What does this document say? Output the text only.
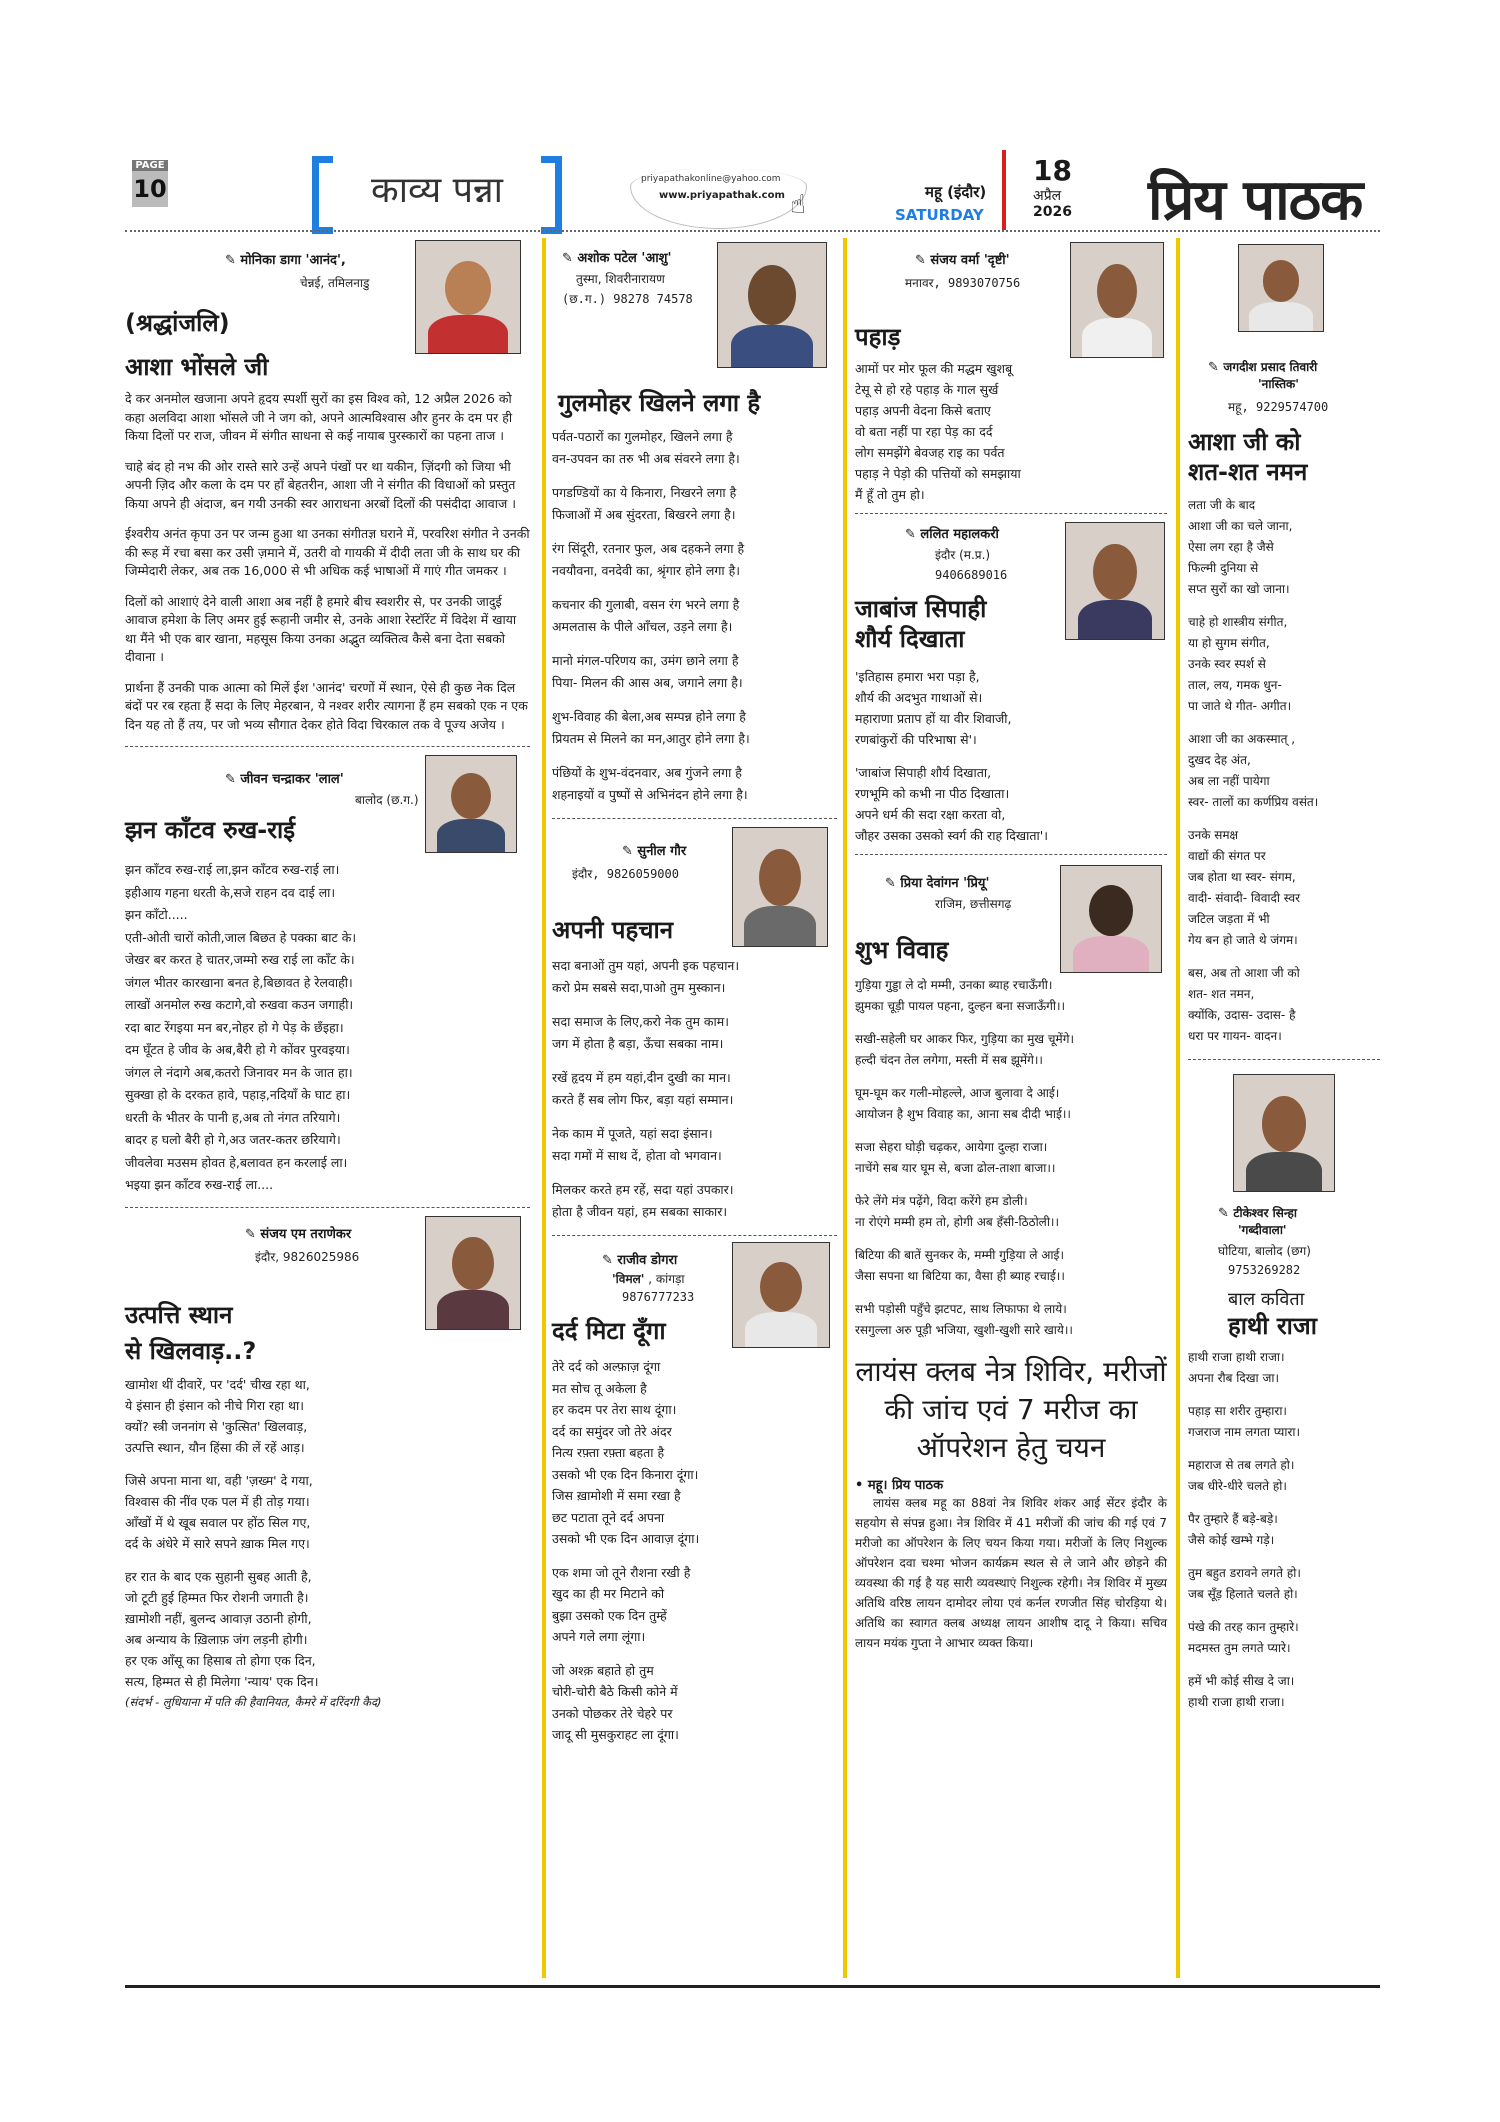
PAGE
10	काव्य पन्ना	priyapathakonline@yahoo.com
www.priyapathak.com ☝	महू (इंदौर)
SATURDAY
18
अप्रैल
2026 प्रिय पाठक
✎ मोनिका डागा 'आनंद',
चेन्नई, तमिलनाडु
(श्रद्धांजलि)
आशा भोंसले जी

दे कर अनमोल खजाना अपने हृदय स्पर्शी सुरों का इस विश्व को, 12 अप्रैल 2026 को कहा अलविदा आशा भोंसले जी ने जग को, अपने आत्मविश्वास और हुनर के दम पर ही किया दिलों पर राज, जीवन में संगीत साधना से कई नायाब पुरस्कारों का पहना ताज ।

चाहे बंद हो नभ की ओर रास्ते सारे उन्हें अपने पंखों पर था यकीन, ज़िंदगी को जिया भी अपनी ज़िद और कला के दम पर हाँ बेहतरीन, आशा जी ने संगीत की विधाओं को प्रस्तुत किया अपने ही अंदाज, बन गयी उनकी स्वर आराधना अरबों दिलों की पसंदीदा आवाज ।

ईश्वरीय अनंत कृपा उन पर जन्म हुआ था उनका संगीतज्ञ घराने में, परवरिश संगीत ने उनकी की रूह में रचा बसा कर उसी ज़माने में, उतरी वो गायकी में दीदी लता जी के साथ घर की जिम्मेदारी लेकर, अब तक 16,000 से भी अधिक कई भाषाओं में गाएं गीत जमकर ।

दिलों को आशाएं देने वाली आशा अब नहीं है हमारे बीच स्वशरीर से, पर उनकी जादुई आवाज हमेशा के लिए अमर हुई रूहानी जमीर से, उनके आशा रेस्टॉरेंट में विदेश में खाया था मैंने भी एक बार खाना, महसूस किया उनका अद्भुत व्यक्तित्व कैसे बना देता सबको दीवाना ।

प्रार्थना हैं उनकी पाक आत्मा को मिलें ईश 'आनंद' चरणों में स्थान, ऐसे ही कुछ नेक दिल बंदों पर रब रहता हैं सदा के लिए मेहरबान, ये नश्वर शरीर त्यागना हैं हम सबको एक न एक दिन यह तो हैं तय, पर जो भव्य सौगात देकर होते विदा चिरकाल तक वे पूज्य अजेय ।

✎ जीवन चन्द्राकर 'लाल'
बालोद (छ.ग.)
झन काँटव रुख-राई
झन काँटव रुख-राई ला,झन काँटव रुख-राई ला।
इहीआय गहना धरती के,सजे राहन दव दाई ला।
झन काँटो.....
एती-ओती चारों कोती,जाल बिछत हे पक्का बाट के।
जेखर बर करत हे चातर,जम्मो रुख राई ला काँट के।
जंगल भीतर कारखाना बनत हे,बिछावत हे रेलवाही।
लाखों अनमोल रुख कटागे,वो रुखवा कउन जगाही।
रदा बाट रेंगइया मन बर,नोहर हो गे पेड़ के छँइहा।
दम घूँटत हे जीव के अब,बैरी हो गे कोंवर पुरवइया।
जंगल ले नंदागे अब,कतरो जिनावर मन के जात हा।
सुक्खा हो के दरकत हावे, पहाड़,नदियाँ के घाट हा।
धरती के भीतर के पानी ह,अब तो नंगत तरियागे।
बादर ह घलो बैरी हो गे,अउ जतर-कतर छरियागे।
जीवलेवा मउसम होवत हे,बलावत हन करलाई ला।
भइया झन काँटव रुख-राई ला....
✎ संजय एम तराणेकर
इंदौर, 9826025986
उत्पत्ति स्थान
से खिलवाड़..?
खामोश थीं दीवारें, पर 'दर्द' चीख रहा था,
ये इंसान ही इंसान को नीचे गिरा रहा था।
क्यों? स्त्री जननांग से 'कुत्सित' खिलवाड़,
उत्पत्ति स्थान, यौन हिंसा की लें रहें आड़।
जिसे अपना माना था, वही 'ज़ख्म' दे गया,
विश्वास की नींव एक पल में ही तोड़ गया।
आँखों में थे खूब सवाल पर होंठ सिल गए,
दर्द के अंधेरे में सारे सपने ख़ाक मिल गए।
हर रात के बाद एक सुहानी सुबह आती है,
जो टूटी हुई हिम्मत फिर रोशनी जगाती है।
ख़ामोशी नहीं, बुलन्द आवाज़ उठानी होगी,
अब अन्याय के ख़िलाफ़ जंग लड़नी होगी।
हर एक आँसू का हिसाब तो होगा एक दिन,
सत्य, हिम्मत से ही मिलेगा 'न्याय' एक दिन।
(संदर्भ - लुधियाना में पति की हैवानियत, कैमरे में दरिंदगी कैद)
✎ अशोक पटेल 'आशु'
तुस्मा, शिवरीनारायण
(छ.ग.) 98278 74578
गुलमोहर खिलने लगा है
पर्वत-पठारों का गुलमोहर, खिलने लगा है
वन-उपवन का तरु भी अब संवरने लगा है।
पगडण्डियों का ये किनारा, निखरने लगा है
फिजाओं में अब सुंदरता, बिखरने लगा है।
रंग सिंदूरी, रतनार फुल, अब दहकने लगा है
नवयौवना, वनदेवी का, श्रृंगार होने लगा है।
कचनार की गुलाबी, वसन रंग भरने लगा है
अमलतास के पीले आँचल, उड़ने लगा है।
मानो मंगल-परिणय का, उमंग छाने लगा है
पिया- मिलन की आस अब, जगाने लगा है।
शुभ-विवाह की बेला,अब सम्पन्न होने लगा है
प्रियतम से मिलने का मन,आतुर होने लगा है।
पंछियों के शुभ-वंदनवार, अब गुंजने लगा है
शहनाइयों व पुष्पों से अभिनंदन होने लगा है।
✎ सुनील गौर
इंदौर, 9826059000
अपनी पहचान
सदा बनाओं तुम यहां, अपनी इक पहचान।
करो प्रेम सबसे सदा,पाओ तुम मुस्कान।
सदा समाज के लिए,करो नेक तुम काम।
जग में होता है बड़ा, ऊँचा सबका नाम।
रखें हृदय में हम यहां,दीन दुखी का मान।
करते हैं सब लोग फिर, बड़ा यहां सम्मान।
नेक काम में पूजते, यहां सदा इंसान।
सदा गमों में साथ दें, होता वो भगवान।
मिलकर करते हम रहें, सदा यहां उपकार।
होता है जीवन यहां, हम सबका साकार।
✎ राजीव डोगरा
'विमल' , कांगड़ा
9876777233
दर्द मिटा दूँगा
तेरे दर्द को अल्फ़ाज़ दूंगा
मत सोच तू अकेला है
हर कदम पर तेरा साथ दूंगा।
दर्द का समुंदर जो तेरे अंदर
नित्य रफ़्ता रफ़्ता बहता है
उसको भी एक दिन किनारा दूंगा।
जिस ख़ामोशी में समा रखा है
छट पटाता तूने दर्द अपना
उसको भी एक दिन आवाज़ दूंगा।
एक शमा जो तूने रौशना रखी है
खुद का ही मर मिटाने को
बुझा उसको एक दिन तुम्हें
अपने गले लगा लूंगा।
जो अश्क़ बहाते हो तुम
चोरी-चोरी बैठे किसी कोने में
उनको पोछकर तेरे चेहरे पर
जादू सी मुसकुराहट ला दूंगा।
✎ संजय वर्मा 'दृष्टी'
मनावर, 9893070756
पहाड़
आमों पर मोर फूल की मद्धम खुशबू
टेसू से हो रहे पहाड़ के गाल सुर्ख
पहाड़ अपनी वेदना किसे बताए
वो बता नहीं पा रहा पेड़ का दर्द
लोग समझेंगे बेवजह राइ का पर्वत
पहाड़ ने पेड़ो की पत्तियों को समझाया
मैं हूँ तो तुम हो।
✎ ललित महालकरी
इंदौर (म.प्र.)
9406689016
जाबांज सिपाही
शौर्य दिखाता
'इतिहास हमारा भरा पड़ा है,
शौर्य की अदभुत गाथाओं से।
महाराणा प्रताप हों या वीर शिवाजी,
रणबांकुरों की परिभाषा से'।
'जाबांज सिपाही शौर्य दिखाता,
रणभूमि को कभी ना पीठ दिखाता।
अपने धर्म की सदा रक्षा करता वो,
जौहर उसका उसको स्वर्ग की राह दिखाता'।
✎ प्रिया देवांगन 'प्रियू'
राजिम, छत्तीसगढ़
शुभ विवाह
गुड़िया गुड्डा ले दो मम्मी, उनका ब्याह रचाऊँगी।
झुमका चूड़ी पायल पहना, दुल्हन बना सजाऊँगी।।
सखी-सहेली घर आकर फिर, गुड़िया का मुख चूमेंगे।
हल्दी चंदन तेल लगेगा, मस्ती में सब झूमेंगे।।
घूम-घूम कर गली-मोहल्ले, आज बुलावा दे आई।
आयोजन है शुभ विवाह का, आना सब दीदी भाई।।
सजा सेहरा घोड़ी चढ़कर, आयेगा दुल्हा राजा।
नाचेंगे सब यार घूम से, बजा ढोल-ताशा बाजा।।
फेरे लेंगे मंत्र पढ़ेंगे, विदा करेंगे हम डोली।
ना रोएंगे मम्मी हम तो, होगी अब हँसी-ठिठोली।।
बिटिया की बातें सुनकर के, मम्मी गुड़िया ले आई।
जैसा सपना था बिटिया का, वैसा ही ब्याह रचाई।।
सभी पड़ोसी पहुँचे झटपट, साथ लिफाफा थे लाये।
रसगुल्ला अरु पूड़ी भजिया, खुशी-खुशी सारे खाये।।
लायंस क्लब नेत्र शिविर, मरीजों की जांच एवं 7 मरीज का ऑपरेशन हेतु चयन
• महू। प्रिय पाठक
लायंस क्लब महू का 88वां नेत्र शिविर शंकर आई सेंटर इंदौर के सहयोग से संपन्न हुआ। नेत्र शिविर में 41 मरीजों की जांच की गई एवं 7 मरीजो का ऑपरेशन के लिए चयन किया गया। मरीजों के लिए निशुल्क ऑपरेशन दवा चश्मा भोजन कार्यक्रम स्थल से ले जाने और छोड़ने की व्यवस्था की गई है यह सारी व्यवस्थाएं निशुल्क रहेगी। नेत्र शिविर में मुख्य अतिथि वरिष्ठ लायन दामोदर लोया एवं कर्नल रणजीत सिंह चोरड़िया थे। अतिथि का स्वागत क्लब अध्यक्ष लायन आशीष दादू ने किया। सचिव लायन मयंक गुप्ता ने आभार व्यक्त किया।
✎ जगदीश प्रसाद तिवारी
'नास्तिक'
महू, 9229574700
आशा जी को
शत-शत नमन
लता जी के बाद
आशा जी का चले जाना,
ऐसा लग रहा है जैसे
फिल्मी दुनिया से
सप्त सुरों का खो जाना।
चाहे हो शास्त्रीय संगीत,
या हो सुगम संगीत,
उनके स्वर स्पर्श से
ताल, लय, गमक धुन-
पा जाते थे गीत- अगीत।
आशा जी का अकस्मात् ,
दुखद देह अंत,
अब ला नहीं पायेगा
स्वर- तालों का कर्णप्रिय वसंत।
उनके समक्ष
वाद्यों की संगत पर
जब होता था स्वर- संगम,
वादी- संवादी- विवादी स्वर
जटिल जड़ता में भी
गेय बन हो जाते थे जंगम।
बस, अब तो आशा जी को
शत- शत नमन,
क्योंकि, उदास- उदास- है
धरा पर गायन- वादन।
✎ टीकेश्वर सिन्हा
'गब्दीवाला'
घोटिया, बालोद (छग)
9753269282
बाल कविता
हाथी राजा
हाथी राजा हाथी राजा।
अपना रौब दिखा जा।
पहाड़ सा शरीर तुम्हारा।
गजराज नाम लगता प्यारा।
महाराज से तब लगते हो।
जब धीरे-धीरे चलते हो।
पैर तुम्हारे हैं बड़े-बड़े।
जैसे कोई खम्भे गड़े।
तुम बहुत डरावने लगते हो।
जब सूँड़ हिलाते चलते हो।
पंखे की तरह कान तुम्हारे।
मदमस्त तुम लगते प्यारे।
हमें भी कोई सीख दे जा।
हाथी राजा हाथी राजा।
